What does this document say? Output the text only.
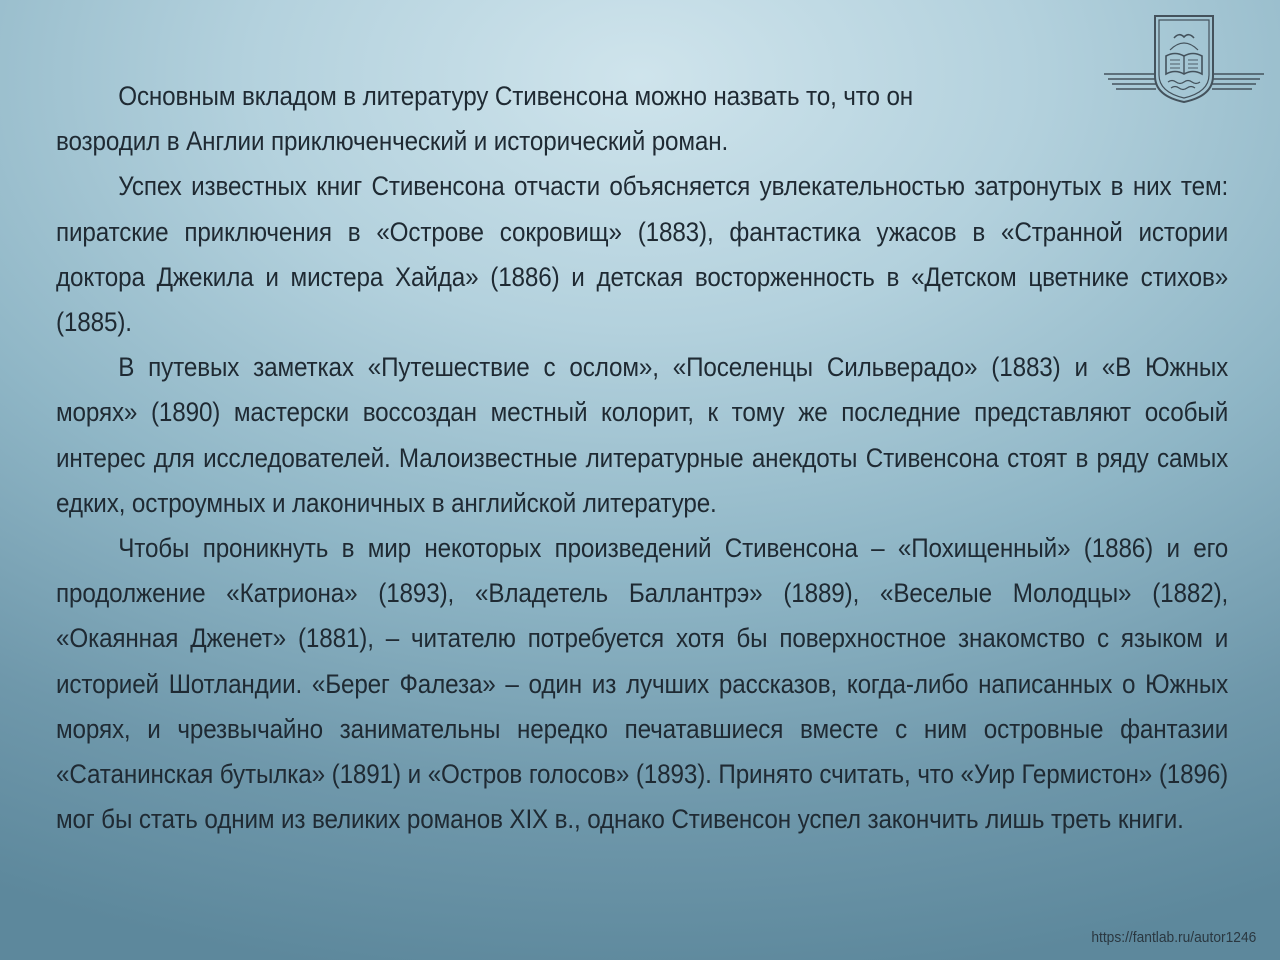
Основным вкладом в литературу Стивенсона можно назвать то, что он возродил в Англии приключенческий и исторический роман.

Успех известных книг Стивенсона отчасти объясняется увлекательностью затронутых в них тем: пиратские приключения в «Острове сокровищ» (1883), фантастика ужасов в «Странной истории доктора Джекила и мистера Хайда» (1886) и детская восторженность в «Детском цветнике стихов» (1885).

В путевых заметках «Путешествие с ослом», «Поселенцы Сильверадо» (1883) и «В Южных морях» (1890) мастерски воссоздан местный колорит, к тому же последние представляют особый интерес для исследователей. Малоизвестные литературные анекдоты Стивенсона стоят в ряду самых едких, остроумных и лаконичных в английской литературе.

Чтобы проникнуть в мир некоторых произведений Стивенсона – «Похищенный» (1886) и его продолжение «Катриона» (1893), «Владетель Баллантрэ» (1889), «Веселые Молодцы» (1882), «Окаянная Дженет» (1881), – читателю потребуется хотя бы поверхностное знакомство с языком и историей Шотландии. «Берег Фалеза» – один из лучших рассказов, когда-либо написанных о Южных морях, и чрезвычайно занимательны нередко печатавшиеся вместе с ним островные фантазии «Сатанинская бутылка» (1891) и «Остров голосов» (1893). Принято считать, что «Уир Гермистон» (1896) мог бы стать одним из великих романов XIX в., однако Стивенсон успел закончить лишь треть книги.

https://fantlab.ru/autor1246
